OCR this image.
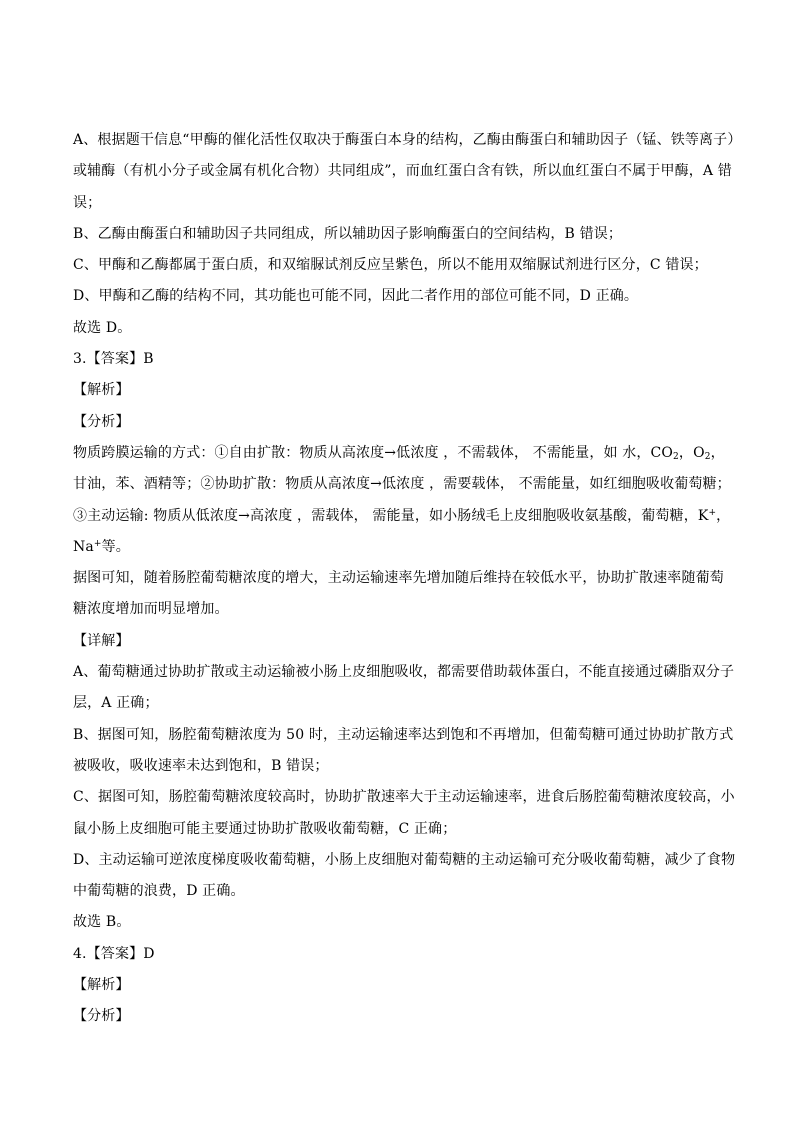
A、根据题干信息“甲酶的催化活性仅取决于酶蛋白本身的结构，乙酶由酶蛋白和辅助因子（锰、铁等离子）
或辅酶（有机小分子或金属有机化合物）共同组成”，而血红蛋白含有铁，所以血红蛋白不属于甲酶，A 错
误；
B、乙酶由酶蛋白和辅助因子共同组成，所以辅助因子影响酶蛋白的空间结构，B 错误；
C、甲酶和乙酶都属于蛋白质，和双缩脲试剂反应呈紫色，所以不能用双缩脲试剂进行区分，C 错误；
D、甲酶和乙酶的结构不同，其功能也可能不同，因此二者作用的部位可能不同，D 正确。
故选 D。
3.【答案】B
【解析】
【分析】
物质跨膜运输的方式：①自由扩散：物质从高浓度→低浓度 ，不需载体， 不需能量，如 水，$CO_2$，$O_2$，
甘油，苯、酒精等；②协助扩散：物质从高浓度→低浓度 ，需要载体， 不需能量，如红细胞吸收葡萄糖；
③主动运输: 物质从低浓度→高浓度 ，需载体， 需能量，如小肠绒毛上皮细胞吸收氨基酸，葡萄糖，K+，
Na+等。
据图可知，随着肠腔葡萄糖浓度的增大，主动运输速率先增加随后维持在较低水平，协助扩散速率随葡萄
糖浓度增加而明显增加。
【详解】
A、葡萄糖通过协助扩散或主动运输被小肠上皮细胞吸收，都需要借助载体蛋白，不能直接通过磷脂双分子
层，A 正确；
B、据图可知，肠腔葡萄糖浓度为 50 时，主动运输速率达到饱和不再增加，但葡萄糖可通过协助扩散方式
被吸收，吸收速率未达到饱和，B 错误；
C、据图可知，肠腔葡萄糖浓度较高时，协助扩散速率大于主动运输速率，进食后肠腔葡萄糖浓度较高，小
鼠小肠上皮细胞可能主要通过协助扩散吸收葡萄糖，C 正确；
D、主动运输可逆浓度梯度吸收葡萄糖，小肠上皮细胞对葡萄糖的主动运输可充分吸收葡萄糖，减少了食物
中葡萄糖的浪费，D 正确。
故选 B。
4.【答案】D
【解析】
【分析】
